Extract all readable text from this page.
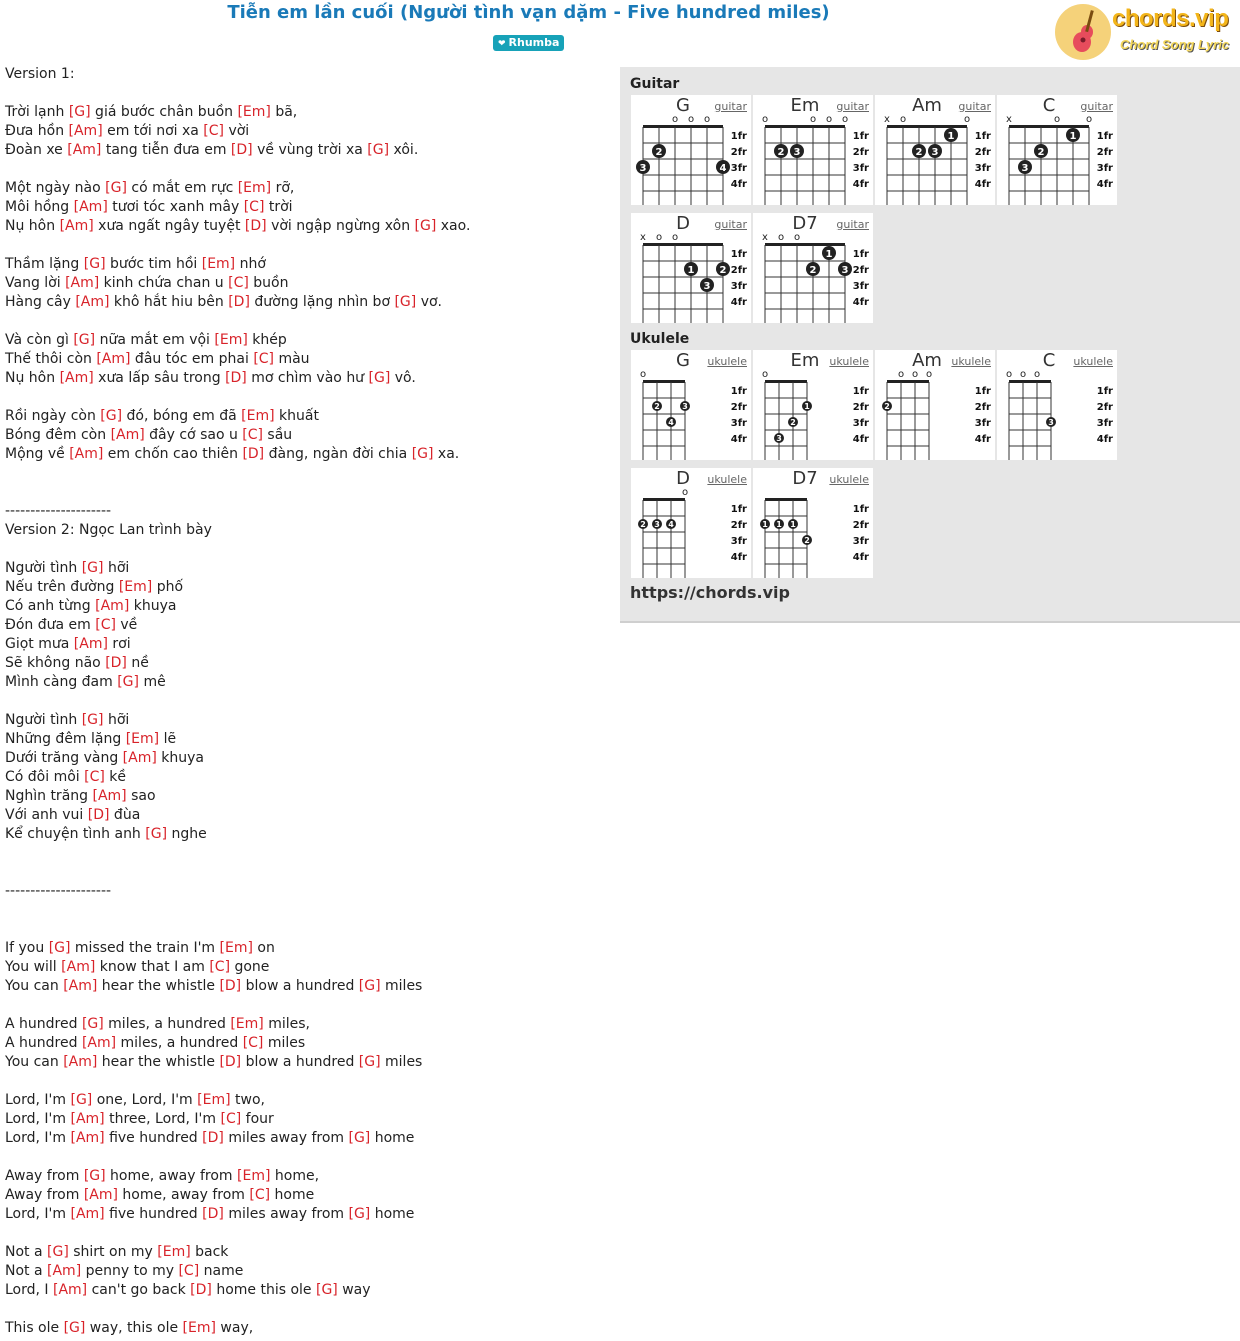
Tiễn em lần cuối (Người tình vạn dặm - Five hundred miles)
❤ Rhumba
chords.vip
Chord Song Lyric
Version 1:
Trời lạnh [G] giá bước chân buồn [Em] bã,
Đưa hồn [Am] em tới nơi xa [C] vời
Đoàn xe [Am] tang tiễn đưa em [D] về vùng trời xa [G] xôi.
Một ngày nào [G] có mắt em rực [Em] rỡ,
Môi hồng [Am] tươi tóc xanh mây [C] trời
Nụ hôn [Am] xưa ngất ngây tuyệt [D] vời ngập ngừng xôn [G] xao.
Thầm lặng [G] bước tim hồi [Em] nhớ
Vang lời [Am] kinh chứa chan u [C] buồn
Hàng cây [Am] khô hắt hiu bên [D] đường lặng nhìn bơ [G] vơ.
Và còn gì [G] nữa mắt em vội [Em] khép
Thế thôi còn [Am] đâu tóc em phai [C] màu
Nụ hôn [Am] xưa lấp sâu trong [D] mơ chìm vào hư [G] vô.
Rồi ngày còn [G] đó, bóng em đã [Em] khuất
Bóng đêm còn [Am] đây cớ sao u [C] sầu
Mộng về [Am] em chốn cao thiên [D] đàng, ngàn đời chia [G] xa.
---------------------
Version 2: Ngọc Lan trình bày
Người tình [G] hỡi
Nếu trên đường [Em] phố
Có anh từng [Am] khuya
Đón đưa em [C] về
Giọt mưa [Am] rơi
Sẽ không não [D] nề
Mình càng đam [G] mê
Người tình [G] hỡi
Những đêm lặng [Em] lẽ
Dưới trăng vàng [Am] khuya
Có đôi môi [C] kề
Nghìn trăng [Am] sao
Với anh vui [D] đùa
Kể chuyện tình anh [G] nghe
---------------------
If you [G] missed the train I'm [Em] on
You will [Am] know that I am [C] gone
You can [Am] hear the whistle [D] blow a hundred [G] miles
A hundred [G] miles, a hundred [Em] miles,
A hundred [Am] miles, a hundred [C] miles
You can [Am] hear the whistle [D] blow a hundred [G] miles
Lord, I'm [G] one, Lord, I'm [Em] two,
Lord, I'm [Am] three, Lord, I'm [C] four
Lord, I'm [Am] five hundred [D] miles away from [G] home
Away from [G] home, away from [Em] home,
Away from [Am] home, away from [C] home
Lord, I'm [Am] five hundred [D] miles away from [G] home
Not a [G] shirt on my [Em] back
Not a [Am] penny to my [C] name
Lord, I [Am] can't go back [D] home this ole [G] way
This ole [G] way, this ole [Em] way,
Guitar
Ukulele
o o o
1fr
2fr
3fr
4fr
3
2
4
G	guitar
o	o o o
1fr
2fr
3fr
4fr
2 3
Em	guitar
x o	o
1fr
2fr
3fr
4fr
2 3
1
Am	guitar
x	o	o
1fr
2fr
3fr
4fr
3
2
1
C	guitar
x o o
1fr
2fr
3fr
4fr
1
3
2
D	guitar
x o o
1fr
2fr
3fr
4fr
2
1
3
D7	guitar
o
1fr
2fr
3fr
4fr
2
4
3
G	ukulele
o
1fr
2fr
3fr
4fr
3
2
1
Em ukulele
o o o
1fr
2fr
3fr
4fr
2
Am ukulele
o o o
1fr
2fr
3fr
4fr
3
C	ukulele
o
1fr
2fr
3fr
4fr
2 3 4
D	ukulele
1fr
2fr
3fr
4fr
1 1 1
2
D7	ukulele
https://chords.vip
